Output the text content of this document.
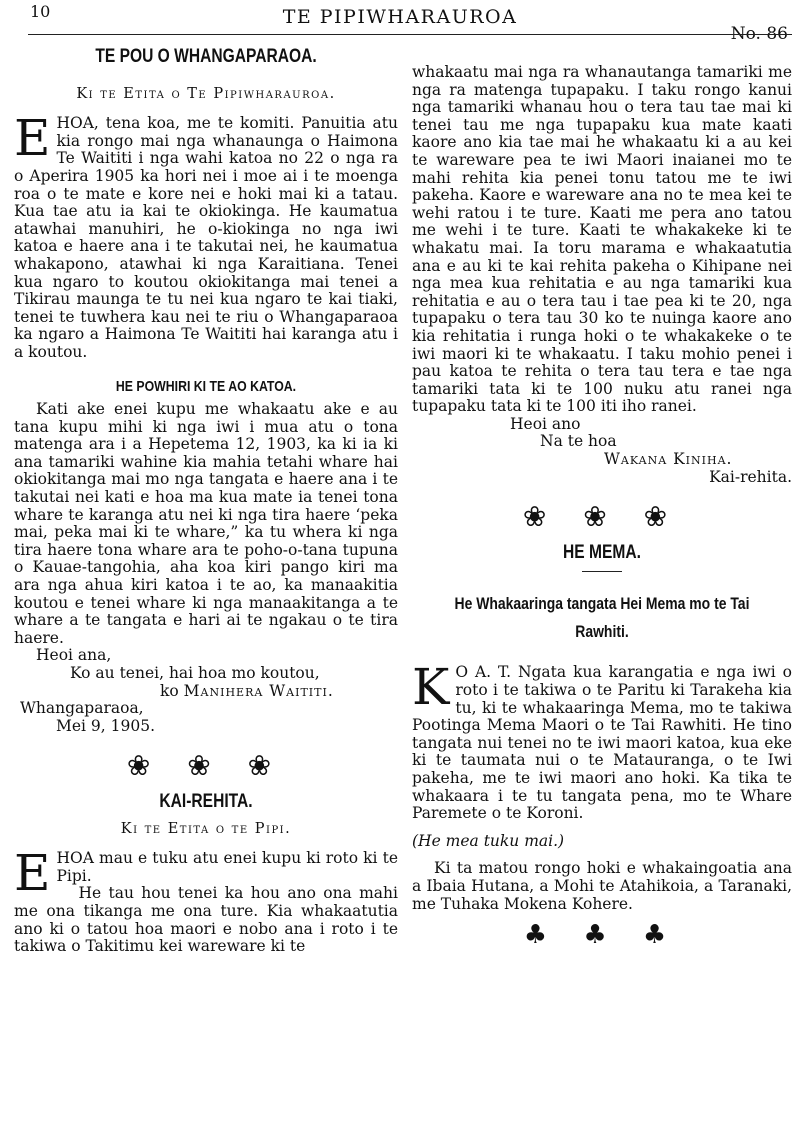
10	TE PIPIWHARAUROA
No. 86
TE POU O WHANGAPARAOA.
Ki te Etita o Te Pipiwharauroa.

EHOA, tena koa, me te komiti. Panuitia atu kia rongo mai nga whanaunga o Haimona Te Waititi i nga wahi katoa no 22 o nga ra o Aperira 1905 ka hori nei i moe ai i te moenga roa o te mate e kore nei e hoki mai ki a tatau. Kua tae atu ia kai te okiokinga. He kaumatua atawhai manuhiri, he o-kiokinga no nga iwi katoa e haere ana i te takutai nei, he kaumatua whakapono, atawhai ki nga Karaitiana. Tenei kua ngaro to koutou okiokitanga mai tenei a Tikirau maunga te tu nei kua ngaro te kai tiaki, tenei te tuwhera kau nei te riu o Whangaparaoa ka ngaro a Haimona Te Waititi hai karanga atu i a koutou.

HE POWHIRI KI TE AO KATOA.

Kati ake enei kupu me whakaatu ake e au tana kupu mihi ki nga iwi i mua atu o tona matenga ara i a Hepetema 12, 1903, ka ki ia ki ana tamariki wahine kia mahia tetahi whare hai okiokitanga mai mo nga tangata e haere ana i te takutai nei kati e hoa ma kua mate ia tenei tona whare te karanga atu nei ki nga tira haere ‘peka mai, peka mai ki te whare,” ka tu whera ki nga tira haere tona whare ara te poho-o-tana tupuna o Kauae-tangohia, aha koa kiri pango kiri ma ara nga ahua kiri katoa i te ao, ka manaakitia koutou e tenei whare ki nga manaakitanga a te whare a te tangata e hari ai te ngakau o te tira haere.

Heoi ana,

Ko au tenei, hai hoa mo koutou,

ko Manihera Waititi.

Whangaparaoa,

Mei 9, 1905.

❀ ❀ ❀
KAI-REHITA.
Ki te Etita o te Pipi.

EHOA mau e tuku atu enei kupu ki roto ki te Pipi.

He tau hou tenei ka hou ano ona mahi me ona tikanga me ona ture. Kia whakaatutia ano ki o tatou hoa maori e nobo ana i roto i te takiwa o Takitimu kei wareware ki te

whakaatu mai nga ra whanautanga tamariki me nga ra matenga tupapaku. I taku rongo kanui nga tamariki whanau hou o tera tau tae mai ki tenei tau me nga tupapaku kua mate kaati kaore ano kia tae mai he whakaatu ki a au kei te wareware pea te iwi Maori inaianei mo te mahi rehita kia penei tonu tatou me te iwi pakeha. Kaore e wareware ana no te mea kei te wehi ratou i te ture. Kaati me pera ano tatou me wehi i te ture. Kaati te whakakeke ki te whakatu mai. Ia toru marama e whakaatutia ana e au ki te kai rehita pakeha o Kihipane nei nga mea kua rehitatia e au nga tamariki kua rehitatia e au o tera tau i tae pea ki te 20, nga tupapaku o tera tau 30 ko te nuinga kaore ano kia rehitatia i runga hoki o te whakakeke o te iwi maori ki te whakaatu. I taku mohio penei i pau katoa te rehita o tera tau tera e tae nga tamariki tata ki te 100 nuku atu ranei nga tupapaku tata ki te 100 iti iho ranei.

Heoi ano

Na te hoa

Wakana Kiniha.

Kai-rehita.

❀ ❀ ❀
HE MEMA.
He Whakaaringa tangata Hei Mema mo te Tai Rawhiti.

K O A. T. Ngata kua karangatia e nga iwi o roto i te takiwa o te Paritu ki Tarakeha kia tu, ki te whakaaringa Mema, mo te takiwa Pootinga Mema Maori o te Tai Rawhiti. He tino tangata nui tenei no te iwi maori katoa, kua eke ki te taumata nui o te Matauranga, o te Iwi pakeha, me te iwi maori ano hoki. Ka tika te whakaara i te tu tangata pena, mo te Whare Paremete o te Koroni.

(He mea tuku mai.)

Ki ta matou rongo hoki e whakaingoatia ana a Ibaia Hutana, a Mohi te Atahikoia, a Taranaki, me Tuhaka Mokena Kohere.

♣ ♣ ♣
